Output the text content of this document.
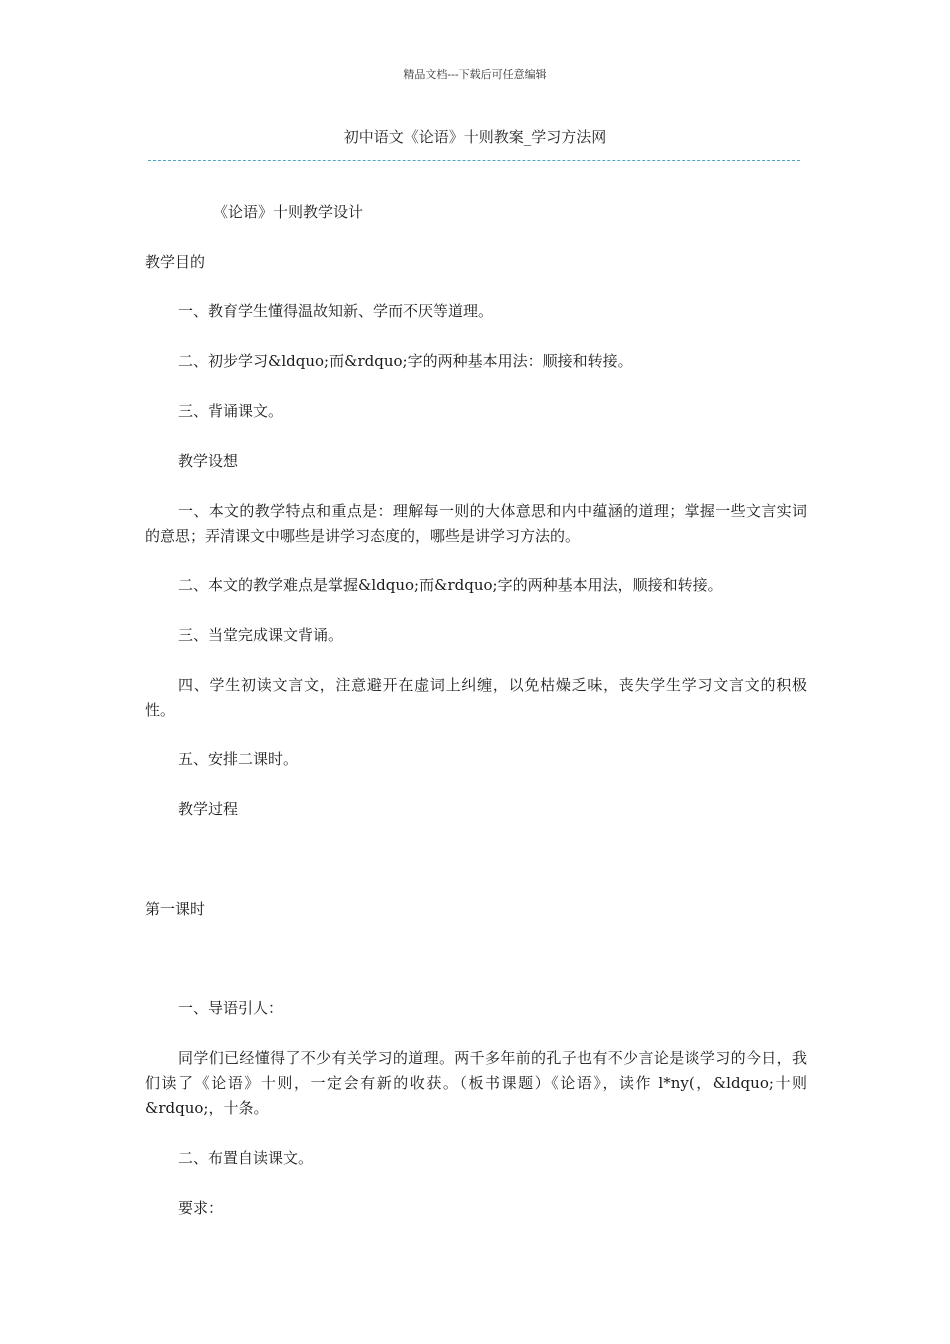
精品文档---下载后可任意编辑
初中语文《论语》十则教案_学习方法网
《论语》十则教学设计
教学目的
一、教育学生懂得温故知新、学而不厌等道理。
二、初步学习&ldquo;而&rdquo;字的两种基本用法：顺接和转接。
三、背诵课文。
教学设想
一、本文的教学特点和重点是：理解每一则的大体意思和内中蕴涵的道理；掌握一些文言实词的意思；弄清课文中哪些是讲学习态度的，哪些是讲学习方法的。
二、本文的教学难点是掌握&ldquo;而&rdquo;字的两种基本用法，顺接和转接。
三、当堂完成课文背诵。
四、学生初读文言文，注意避开在虚词上纠缠，以免枯燥乏味，丧失学生学习文言文的积极性。
五、安排二课时。
教学过程
第一课时
一、导语引人：
同学们已经懂得了不少有关学习的道理。两千多年前的孔子也有不少言论是谈学习的今日，我们读了《论语》十则，一定会有新的收获。（板书课题）《论语》，读作 l*ny(，&ldquo;十则&rdquo;，十条。
二、布置自读课文。
要求：
